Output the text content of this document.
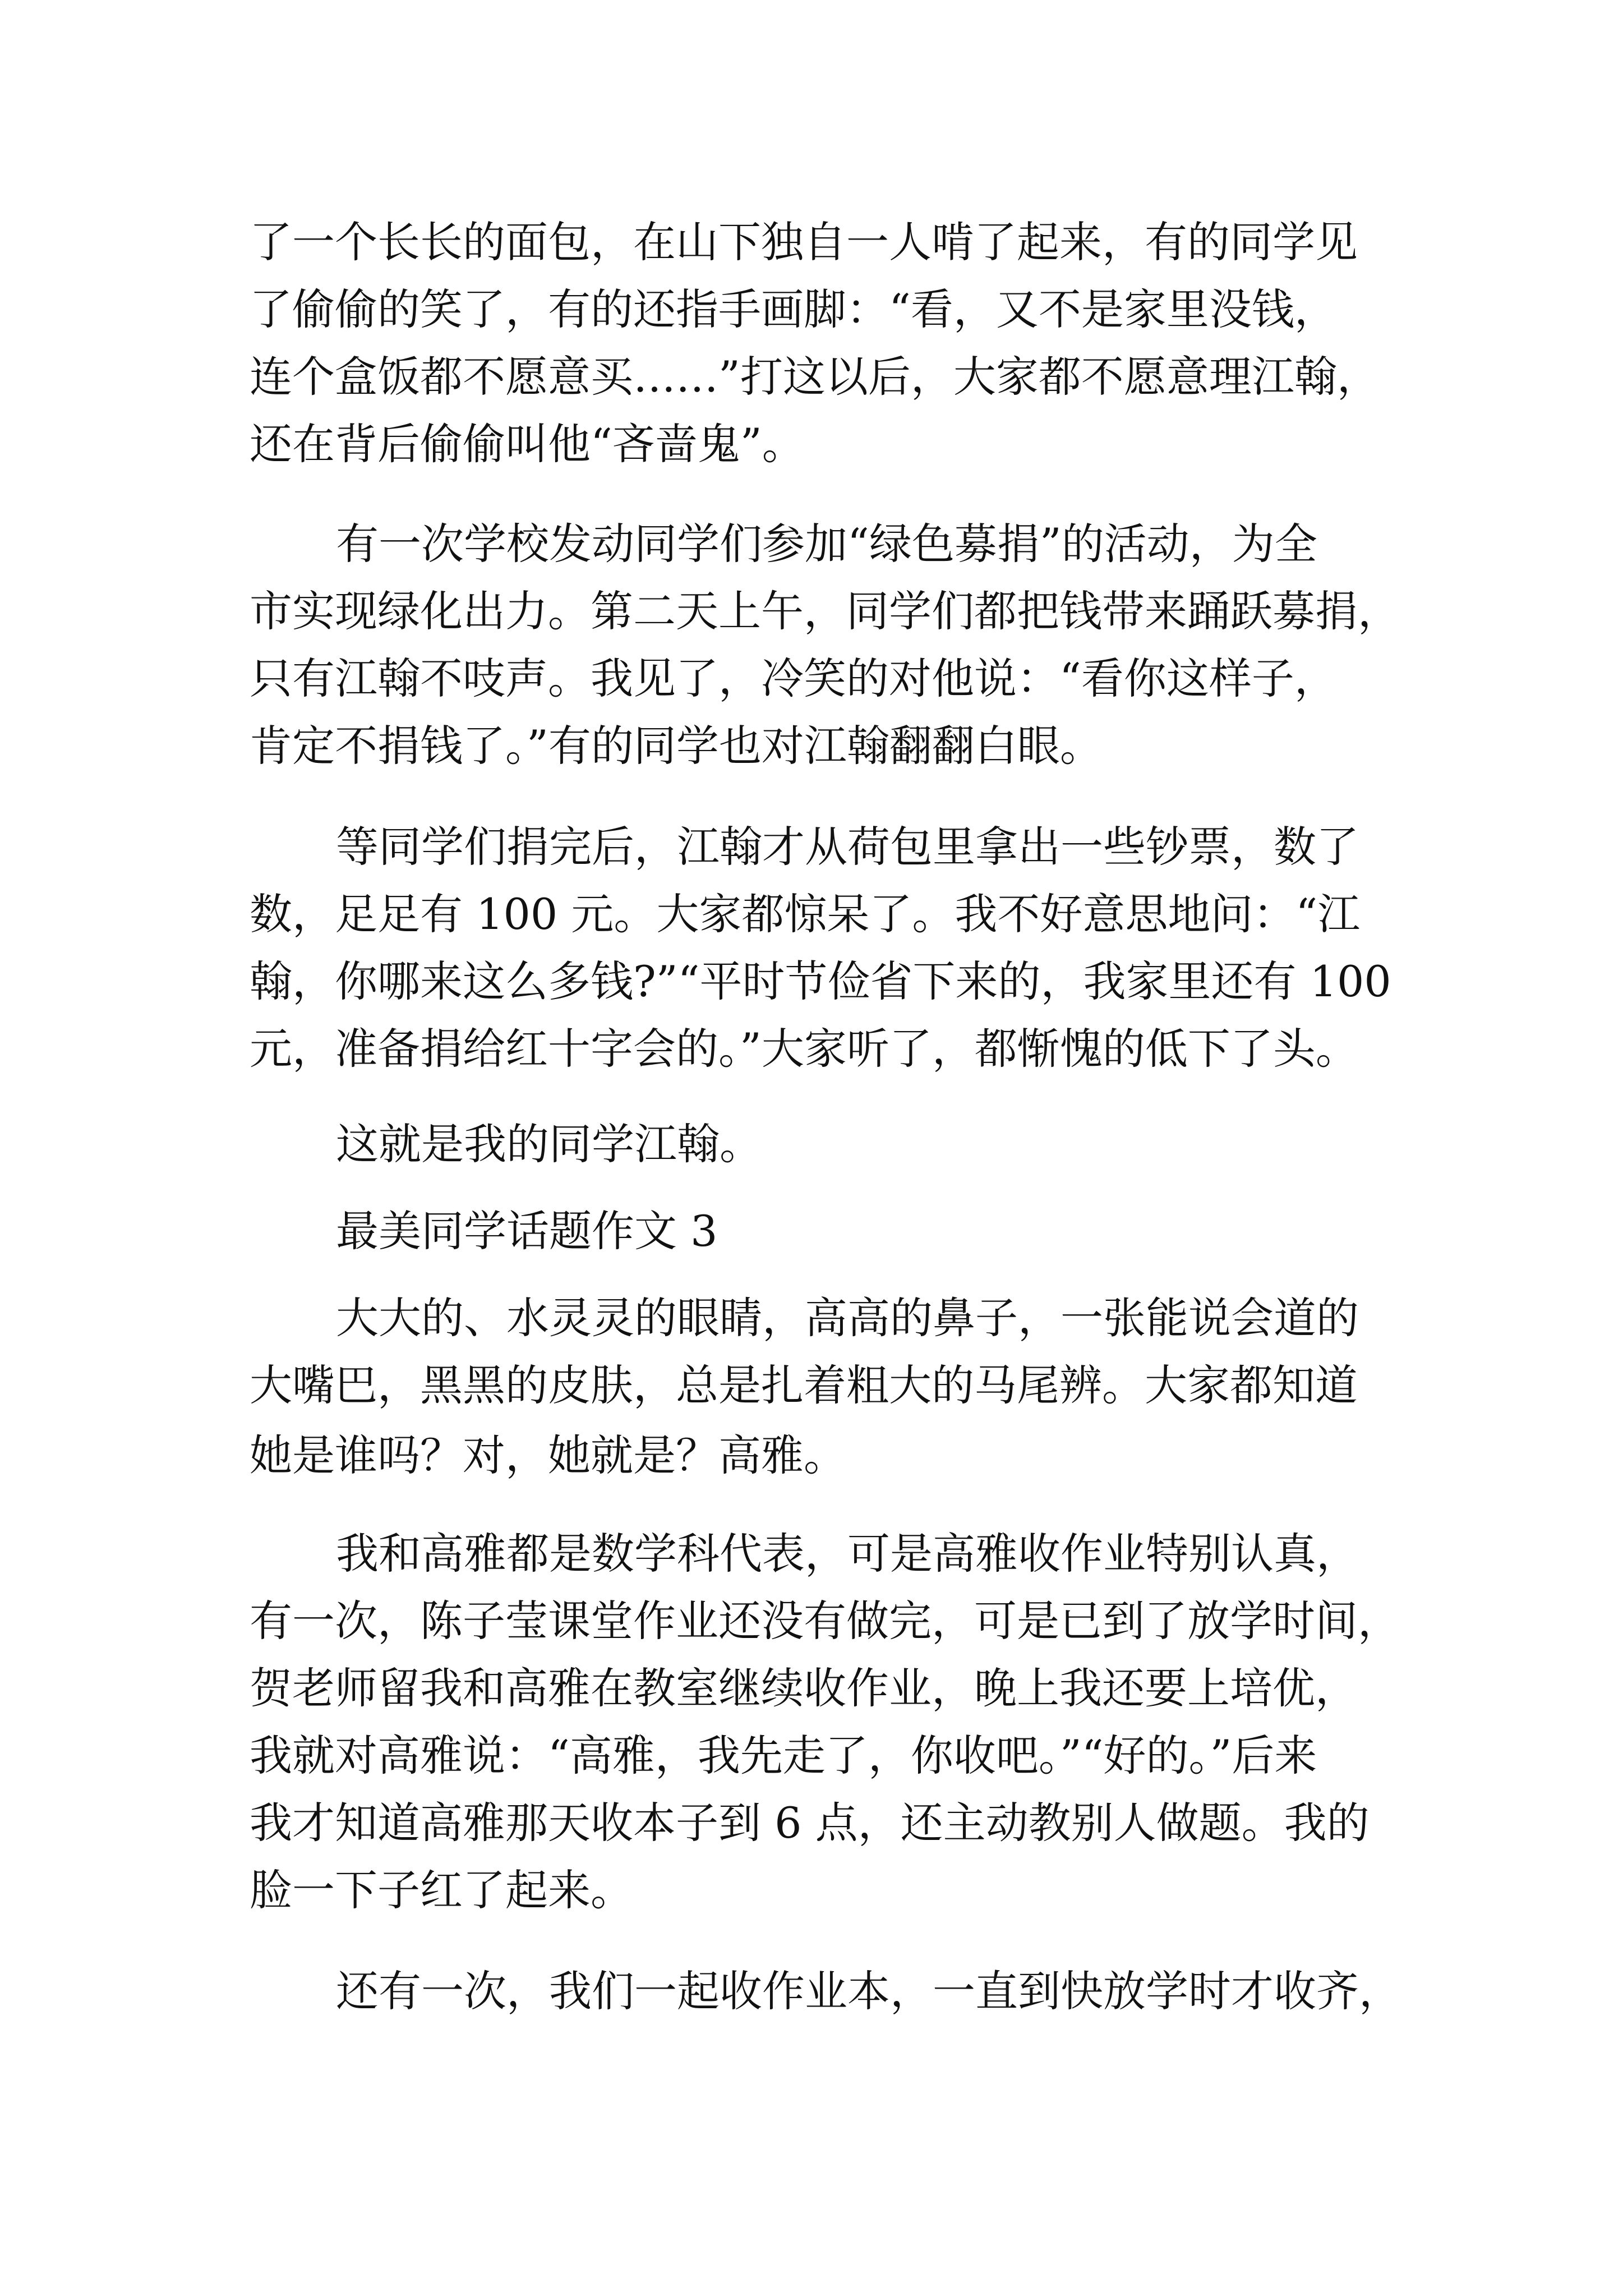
了一个长长的面包，在山下独自一人啃了起来，有的同学见
了偷偷的笑了，有的还指手画脚：“看，又不是家里没钱，
连个盒饭都不愿意买……”打这以后，大家都不愿意理江翰，
还在背后偷偷叫他“吝啬鬼”。
有一次学校发动同学们参加“绿色募捐”的活动，为全
市实现绿化出力。第二天上午，同学们都把钱带来踊跃募捐，
只有江翰不吱声。我见了，冷笑的对他说：“看你这样子，
肯定不捐钱了。”有的同学也对江翰翻翻白眼。
等同学们捐完后，江翰才从荷包里拿出一些钞票，数了
数，足足有 100 元。大家都惊呆了。我不好意思地问：“江
翰，你哪来这么多钱?”“平时节俭省下来的，我家里还有 100
元，准备捐给红十字会的。”大家听了，都惭愧的低下了头。
这就是我的同学江翰。
最美同学话题作文 3
大大的、水灵灵的眼睛，高高的鼻子，一张能说会道的
大嘴巴，黑黑的皮肤，总是扎着粗大的马尾辨。大家都知道
她是谁吗？对，她就是？高雅。
我和高雅都是数学科代表，可是高雅收作业特别认真，
有一次，陈子莹课堂作业还没有做完，可是已到了放学时间，
贺老师留我和高雅在教室继续收作业，晚上我还要上培优，
我就对高雅说：“高雅，我先走了，你收吧。”“好的。”后来
我才知道高雅那天收本子到 6 点，还主动教别人做题。我的
脸一下子红了起来。
还有一次，我们一起收作业本，一直到快放学时才收齐，
